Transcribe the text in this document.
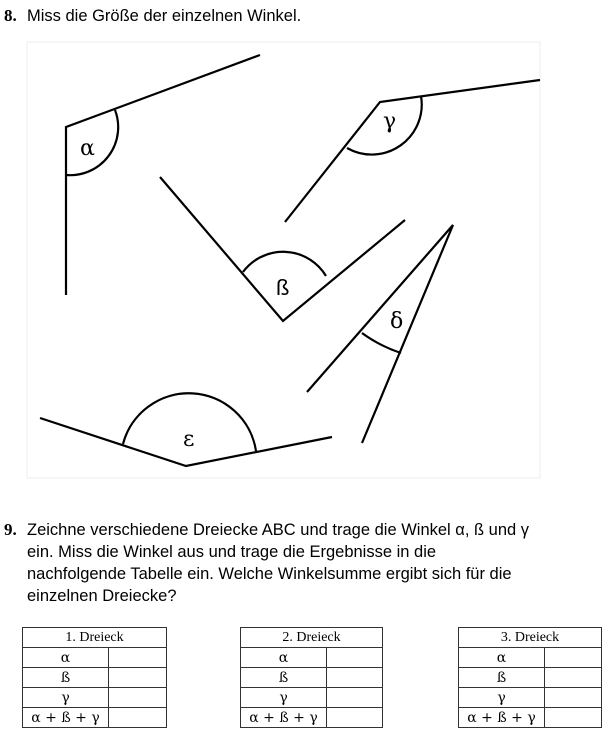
8. Miss die Größe der einzelnen Winkel.
α
ß
γ
δ
ε
9. Zeichne verschiedene Dreiecke ABC und trage die Winkel α, ß und γ
ein. Miss die Winkel aus und trage die Ergebnisse in die
nachfolgende Tabelle ein. Welche Winkelsumme ergibt sich für die
einzelnen Dreiecke?
1. Dreieck	
α	
ß	
γ	
α + ß + γ	
2. Dreieck	
α	
ß	
γ	
α + ß + γ	
3. Dreieck	
α	
ß	
γ	
α + ß + γ	
